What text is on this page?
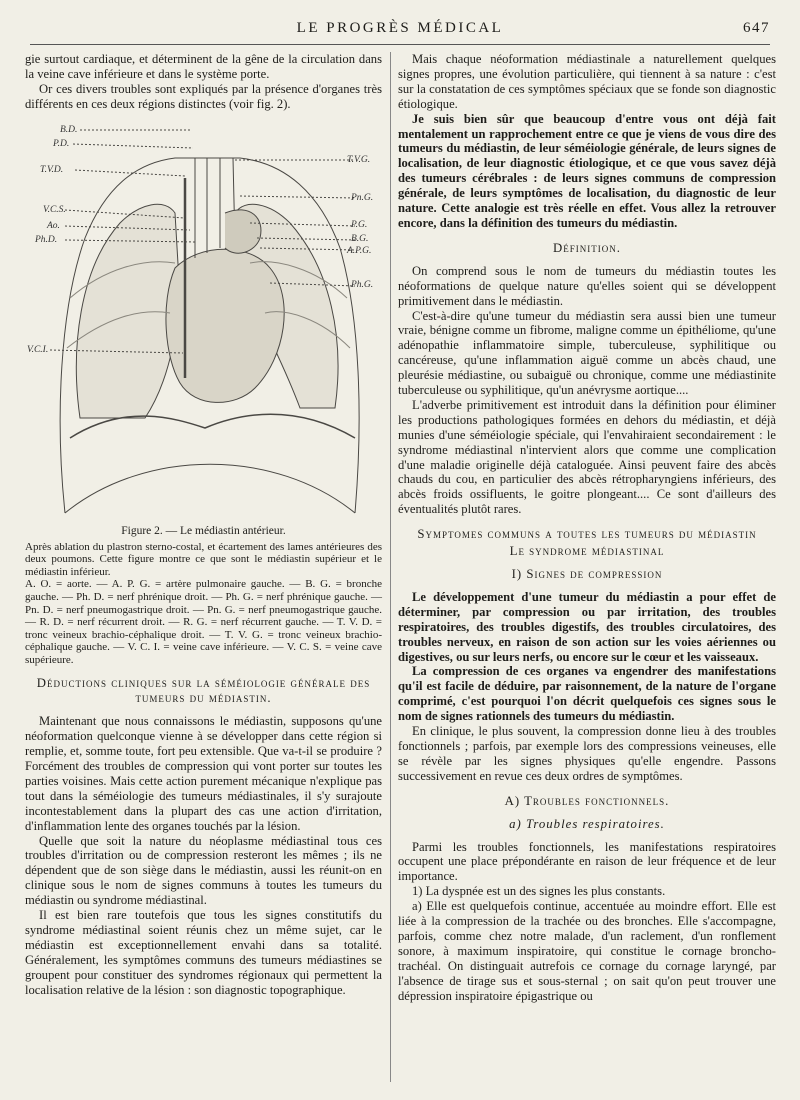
LE PROGRÈS MÉDICAL	647

gie surtout cardiaque, et déterminent de la gêne de la circulation dans la veine cave inférieure et dans le système porte.

Or ces divers troubles sont expliqués par la présence d'organes très différents en ces deux régions distinctes (voir fig. 2).

B.D.
P.D.
T.V.D.
V.C.S.
Ao.
Ph.D.
V.C.I.
T.V.G.
Pn.G.
P.G.
B.G.
A.P.G.
Ph.G.
Figure 2. — Le médiastin antérieur.

Après ablation du plastron sterno-costal, et écartement des lames antérieures des deux poumons. Cette figure montre ce que sont le médiastin supérieur et le médiastin inférieur.

A. O. = aorte. — A. P. G. = artère pulmonaire gauche. — B. G. = bronche gauche. — Ph. D. = nerf phrénique droit. — Ph. G. = nerf phrénique gauche. — Pn. D. = nerf pneumogastrique droit. — Pn. G. = nerf pneumogastrique gauche. — R. D. = nerf récurrent droit. — R. G. = nerf récurrent gauche. — T. V. D. = tronc veineux brachio-céphalique droit. — T. V. G. = tronc veineux brachio-céphalique gauche. — V. C. I. = veine cave inférieure. — V. C. S. = veine cave supérieure.

Déductions cliniques sur la séméiologie générale des tumeurs du médiastin.

Maintenant que nous connaissons le médiastin, supposons qu'une néoformation quelconque vienne à se développer dans cette région si remplie, et, somme toute, fort peu extensible. Que va-t-il se produire ? Forcément des troubles de compression qui vont porter sur toutes les parties voisines. Mais cette action purement mécanique n'explique pas tout dans la séméiologie des tumeurs médiastinales, il s'y surajoute incontestablement dans la plupart des cas une action d'irritation, d'inflammation lente des organes touchés par la lésion.

Quelle que soit la nature du néoplasme médiastinal tous ces troubles d'irritation ou de compression resteront les mêmes ; ils ne dépendent que de son siège dans le médiastin, aussi les réunit-on en clinique sous le nom de signes communs à toutes les tumeurs du médiastin ou syndrome médiastinal.

Il est bien rare toutefois que tous les signes constitutifs du syndrome médiastinal soient réunis chez un même sujet, car le médiastin est exceptionnellement envahi dans sa totalité. Généralement, les symptômes communs des tumeurs médiastines se groupent pour constituer des syndromes régionaux qui permettent la localisation relative de la lésion : son diagnostic topographique.

Mais chaque néoformation médiastinale a naturellement quelques signes propres, une évolution particulière, qui tiennent à sa nature : c'est sur la constatation de ces symptômes spéciaux que se fonde son diagnostic étiologique.

Je suis bien sûr que beaucoup d'entre vous ont déjà fait mentalement un rapprochement entre ce que je viens de vous dire des tumeurs du médiastin, de leur séméiologie générale, de leurs signes de localisation, de leur diagnostic étiologique, et ce que vous savez déjà des tumeurs cérébrales : de leurs signes communs de compression générale, de leurs symptômes de localisation, du diagnostic de leur nature. Cette analogie est très réelle en effet. Vous allez la retrouver encore, dans la définition des tumeurs du médiastin.

Définition.

On comprend sous le nom de tumeurs du médiastin toutes les néoformations de quelque nature qu'elles soient qui se développent primitivement dans le médiastin.

C'est-à-dire qu'une tumeur du médiastin sera aussi bien une tumeur vraie, bénigne comme un fibrome, maligne comme un épithéliome, qu'une adénopathie inflammatoire simple, tuberculeuse, syphilitique ou cancéreuse, qu'une inflammation aiguë comme un abcès chaud, une pleurésie médiastine, ou subaiguë ou chronique, comme une médiastinite tuberculeuse ou syphilitique, qu'un anévrysme aortique....

L'adverbe primitivement est introduit dans la définition pour éliminer les productions pathologiques formées en dehors du médiastin, et déjà munies d'une séméiologie spéciale, qui l'envahiraient secondairement : le syndrome médiastinal n'intervient alors que comme une complication d'une maladie originelle déjà cataloguée. Ainsi peuvent faire des abcès chauds du cou, en particulier des abcès rétropharyngiens inférieurs, des abcès froids ossifluents, le goitre plongeant.... Ce sont d'ailleurs des éventualités plutôt rares.

Symptomes communs a toutes les tumeurs du médiastin
Le syndrome médiastinal
I) Signes de compression

Le développement d'une tumeur du médiastin a pour effet de déterminer, par compression ou par irritation, des troubles respiratoires, des troubles digestifs, des troubles circulatoires, des troubles nerveux, en raison de son action sur les voies aériennes ou digestives, ou sur leurs nerfs, ou encore sur le cœur et les vaisseaux.

La compression de ces organes va engendrer des manifestations qu'il est facile de déduire, par raisonnement, de la nature de l'organe comprimé, c'est pourquoi l'on décrit quelquefois ces signes sous le nom de signes rationnels des tumeurs du médiastin.

En clinique, le plus souvent, la compression donne lieu à des troubles fonctionnels ; parfois, par exemple lors des compressions veineuses, elle se révèle par les signes physiques qu'elle engendre. Passons successivement en revue ces deux ordres de symptômes.

A) Troubles fonctionnels.
a) Troubles respiratoires.

Parmi les troubles fonctionnels, les manifestations respiratoires occupent une place prépondérante en raison de leur fréquence et de leur importance.

1) La dyspnée est un des signes les plus constants.

a) Elle est quelquefois continue, accentuée au moindre effort. Elle est liée à la compression de la trachée ou des bronches. Elle s'accompagne, parfois, comme chez notre malade, d'un raclement, d'un ronflement sonore, à maximum inspiratoire, qui constitue le cornage broncho-trachéal. On distinguait autrefois ce cornage du cornage laryngé, par l'absence de tirage sus et sous-sternal ; on sait qu'on peut trouver une dépression inspiratoire épigastrique ou
